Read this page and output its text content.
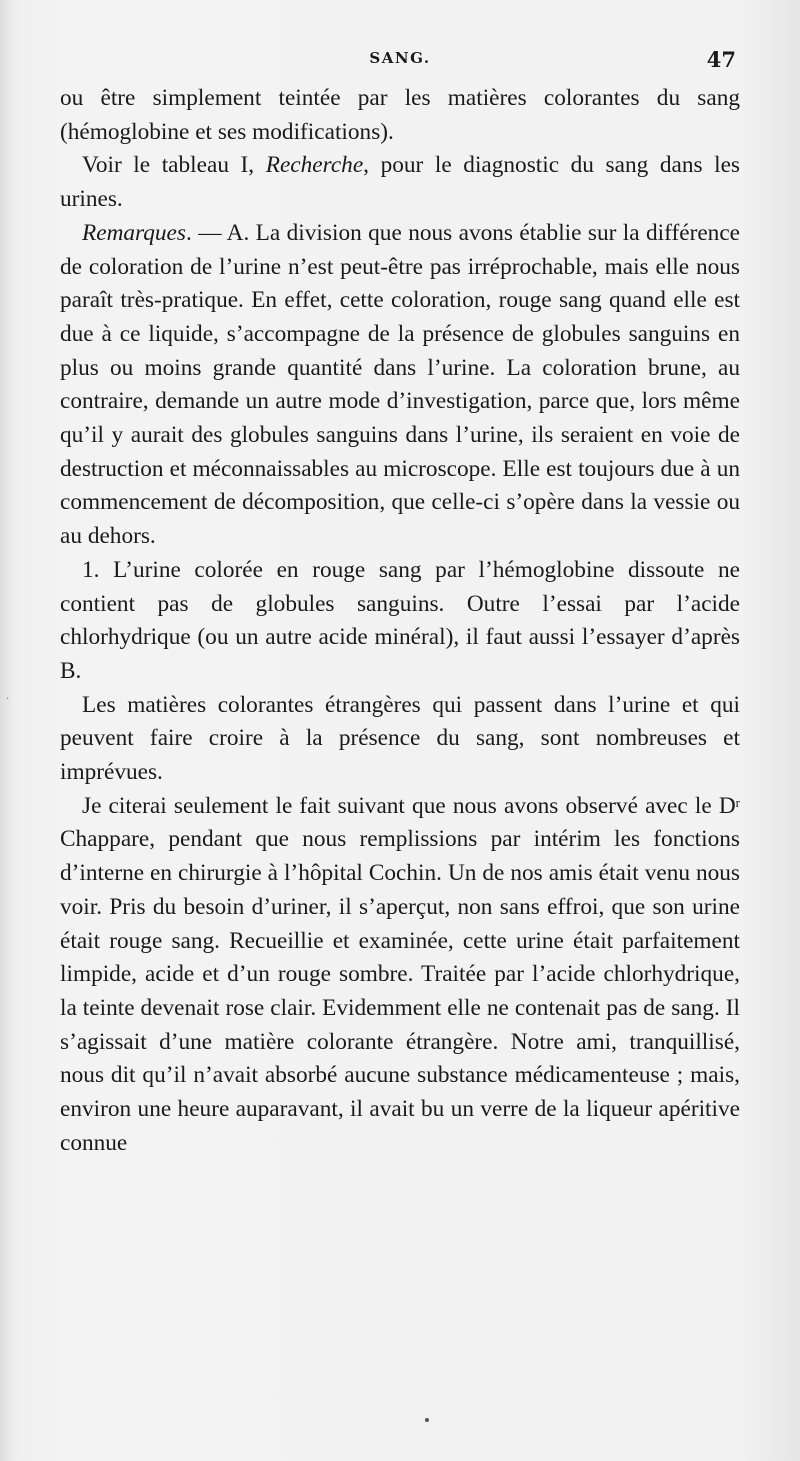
SANG.	47

ou être simplement teintée par les matières colorantes du sang (hémoglobine et ses modifications).

Voir le tableau I, Recherche, pour le diagnostic du sang dans les urines.

Remarques. — A. La division que nous avons établie sur la différence de coloration de l’urine n’est peut-être pas irréprochable, mais elle nous paraît très-pratique. En effet, cette coloration, rouge sang quand elle est due à ce liquide, s’accompagne de la présence de globules sanguins en plus ou moins grande quantité dans l’urine. La coloration brune, au contraire, demande un autre mode d’investigation, parce que, lors même qu’il y aurait des globules sanguins dans l’urine, ils seraient en voie de destruction et méconnaissables au microscope. Elle est toujours due à un commencement de décomposition, que celle-ci s’opère dans la vessie ou au dehors.

1. L’urine colorée en rouge sang par l’hémoglobine dissoute ne contient pas de globules sanguins. Outre l’essai par l’acide chlorhydrique (ou un autre acide minéral), il faut aussi l’essayer d’après B.

Les matières colorantes étrangères qui passent dans l’urine et qui peuvent faire croire à la présence du sang, sont nombreuses et imprévues.

Je citerai seulement le fait suivant que nous avons observé avec le $D^r$ Chappare, pendant que nous remplissions par intérim les fonctions d’interne en chirurgie à l’hôpital Cochin. Un de nos amis était venu nous voir. Pris du besoin d’uriner, il s’aperçut, non sans effroi, que son urine était rouge sang. Recueillie et examinée, cette urine était parfaitement limpide, acide et d’un rouge sombre. Traitée par l’acide chlorhydrique, la teinte devenait rose clair. Evidemment elle ne contenait pas de sang. Il s’agissait d’une matière colorante étrangère. Notre ami, tranquillisé, nous dit qu’il n’avait absorbé aucune substance médicamenteuse ; mais, environ une heure auparavant, il avait bu un verre de la liqueur apéritive connue

·
